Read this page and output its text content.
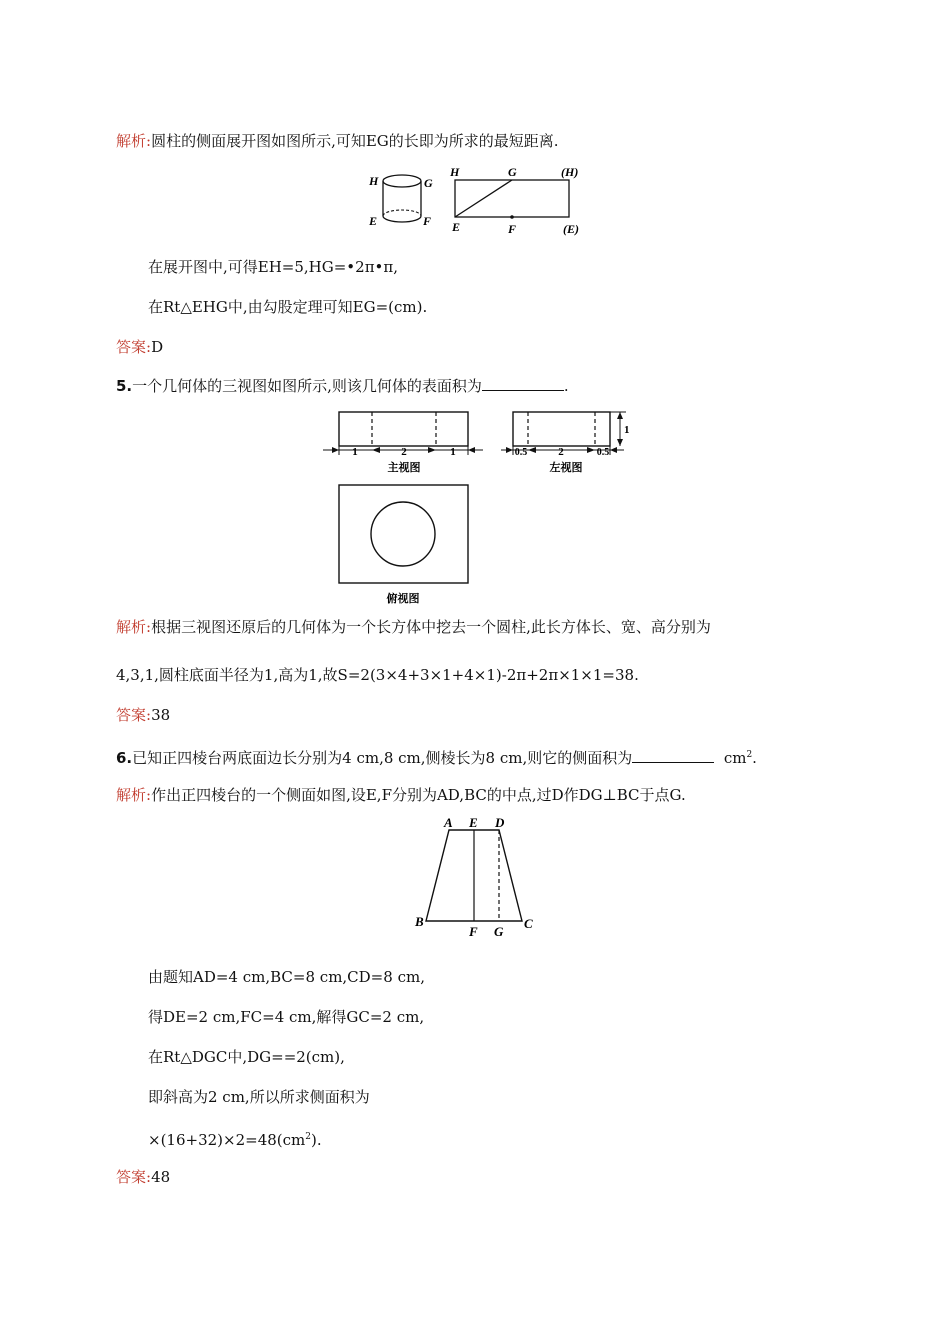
解析:圆柱的侧面展开图如图所示,可知EG的长即为所求的最短距离.
H	G
E	F
H	G	(H)
E	F	(E)
在展开图中,可得EH=5,HG=•2π•π,
在Rt△EHG中,由勾股定理可知EG=(cm).
答案:D
5.一个几何体的三视图如图所示,则该几何体的表面积为	.
1	2	1
主视图
1
0.5	2	0.5
左视图
俯视图
解析:根据三视图还原后的几何体为一个长方体中挖去一个圆柱,此长方体长、宽、高分别为
4,3,1,圆柱底面半径为1,高为1,故S=2(3×4+3×1+4×1)-2π+2π×1×1=38.
答案:38
6.已知正四棱台两底面边长分别为4 cm,8 cm,侧棱长为8 cm,则它的侧面积为	$cm^2$.
解析:作出正四棱台的一个侧面如图,设E,F分别为AD,BC的中点,过D作DG⊥BC于点G.
A E D
B
F G
C
由题知AD=4 cm,BC=8 cm,CD=8 cm,
得DE=2 cm,FC=4 cm,解得GC=2 cm,
在Rt△DGC中,DG==2(cm),
即斜高为2 cm,所以所求侧面积为
$\times(16+32)\times 2=48(cm^2)$.
答案:48
